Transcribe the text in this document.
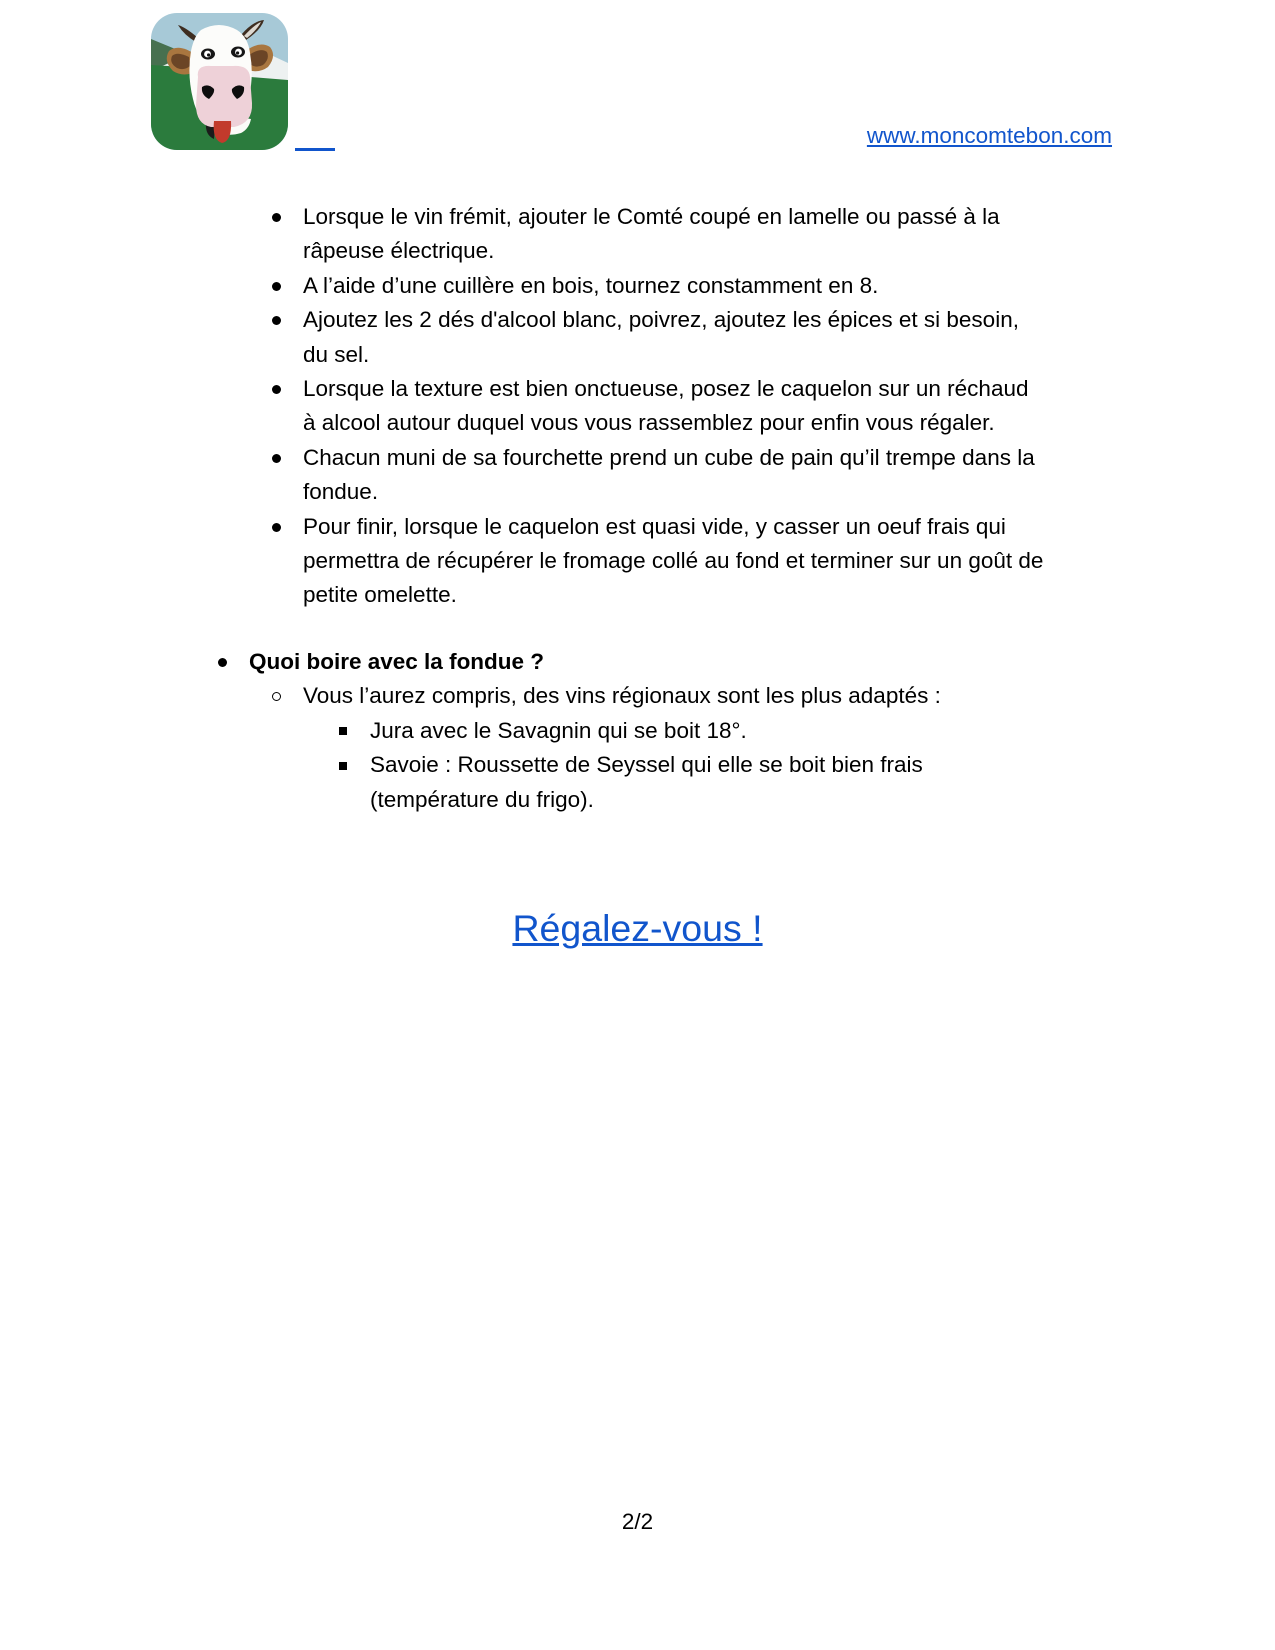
www.moncomtebon.com
Lorsque le vin frémit, ajouter le Comté coupé en lamelle ou passé à la
râpeuse électrique.
A l’aide d’une cuillère en bois, tournez constamment en 8.
Ajoutez les 2 dés d'alcool blanc, poivrez, ajoutez les épices et si besoin,
du sel.
Lorsque la texture est bien onctueuse, posez le caquelon sur un réchaud
à alcool autour duquel vous vous rassemblez pour enfin vous régaler.
Chacun muni de sa fourchette prend un cube de pain qu’il trempe dans la
fondue.
Pour finir, lorsque le caquelon est quasi vide, y casser un oeuf frais qui
permettra de récupérer le fromage collé au fond et terminer sur un goût de
petite omelette.
Quoi boire avec la fondue ?
Vous l’aurez compris, des vins régionaux sont les plus adaptés :
Jura avec le Savagnin qui se boit 18°.
Savoie : Roussette de Seyssel qui elle se boit bien frais
(température du frigo).
Régalez-vous !
2/2
